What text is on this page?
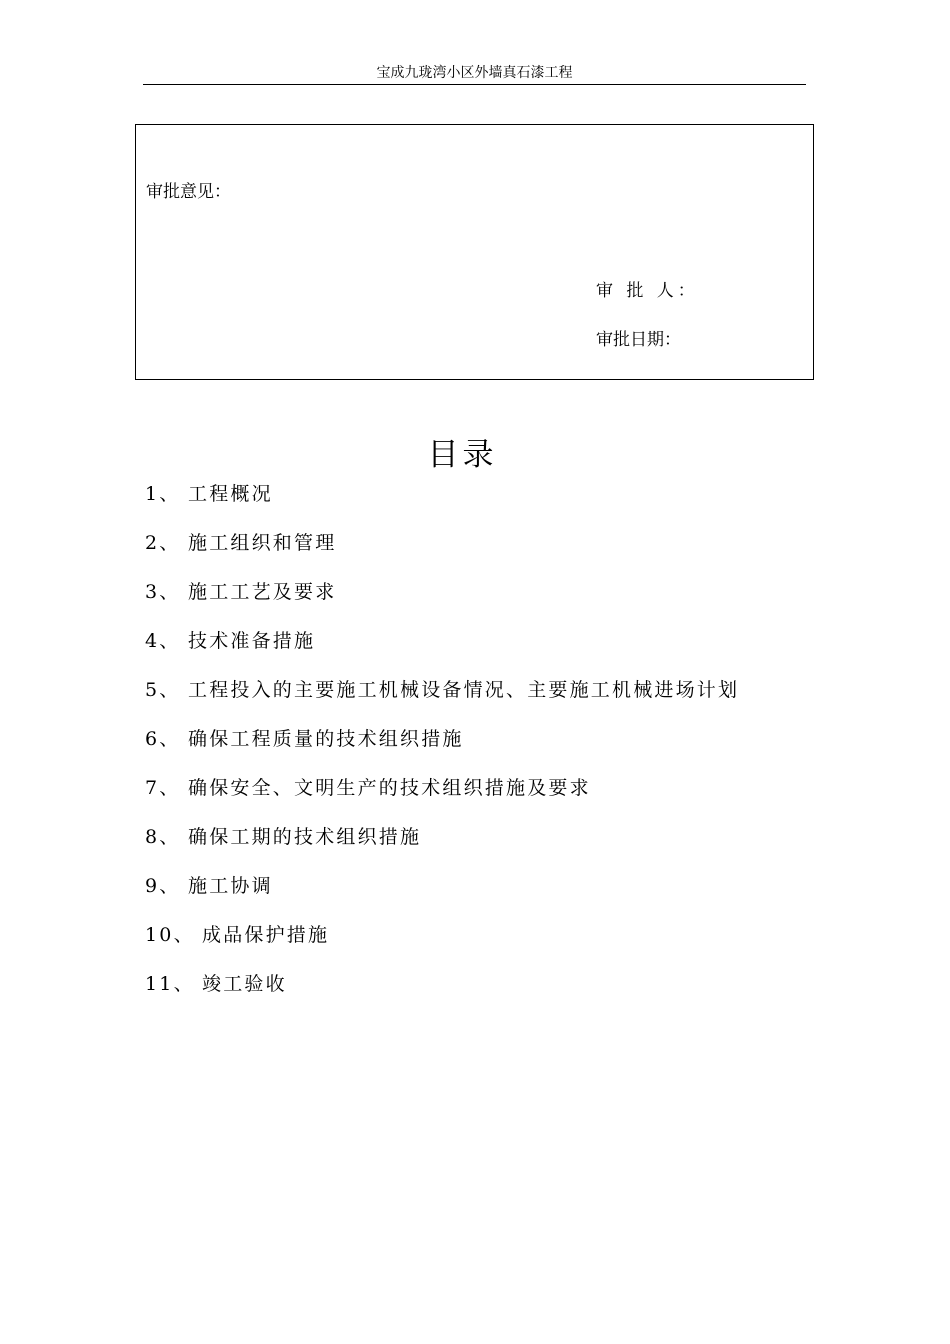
宝成九珑湾小区外墙真石漆工程
审批意见：
审 批 人：
审批日期：
目录
1、 工程概况
2、 施工组织和管理
3、 施工工艺及要求
4、 技术准备措施
5、 工程投入的主要施工机械设备情况、主要施工机械进场计划
6、 确保工程质量的技术组织措施
7、 确保安全、文明生产的技术组织措施及要求
8、 确保工期的技术组织措施
9、 施工协调
10、 成品保护措施
11、 竣工验收
